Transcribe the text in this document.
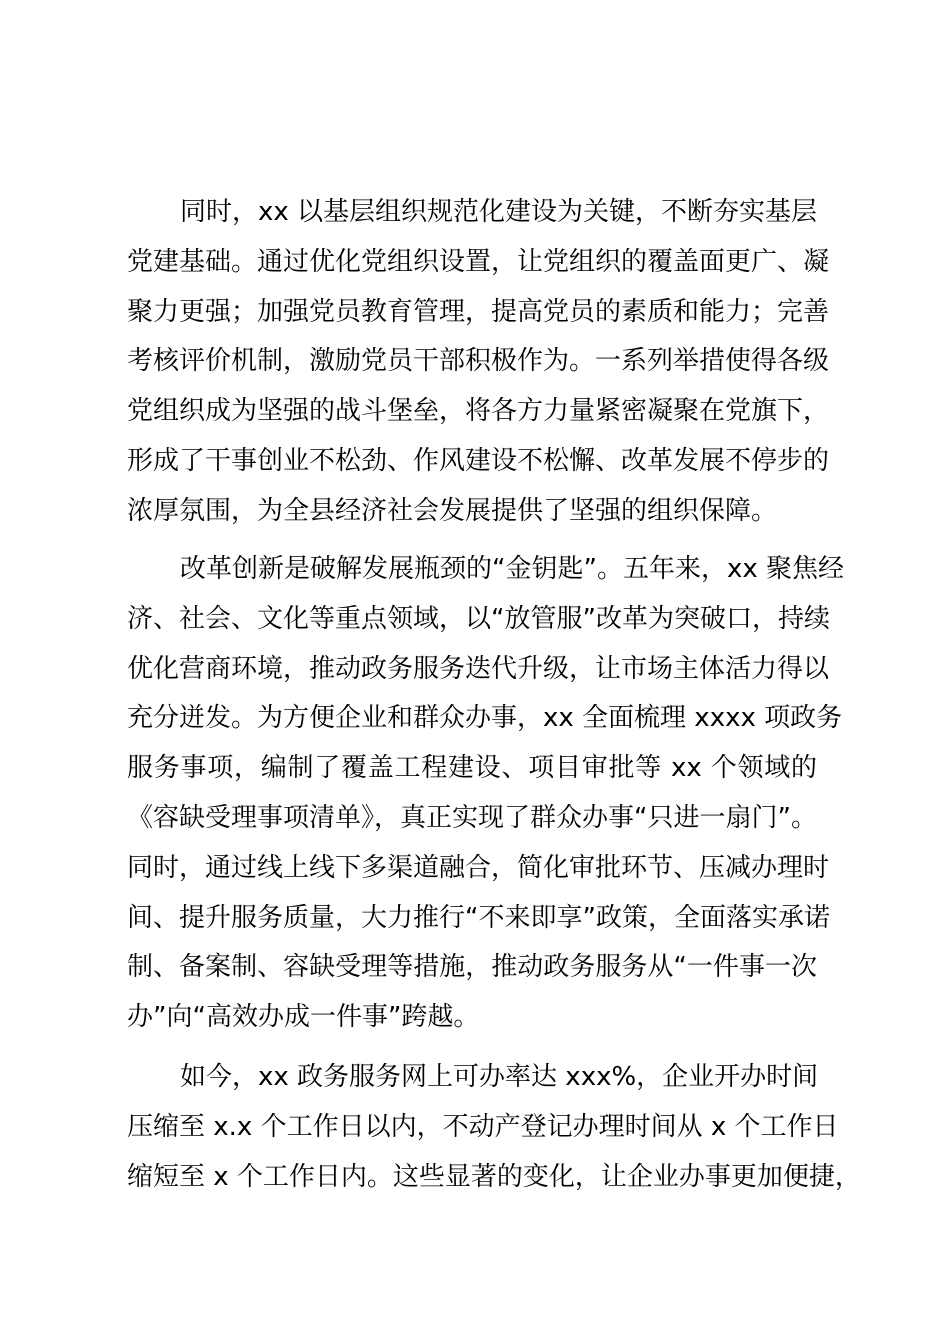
同时，xx 以基层组织规范化建设为关键，不断夯实基层
党建基础。通过优化党组织设置，让党组织的覆盖面更广、凝
聚力更强；加强党员教育管理，提高党员的素质和能力；完善
考核评价机制，激励党员干部积极作为。一系列举措使得各级
党组织成为坚强的战斗堡垒，将各方力量紧密凝聚在党旗下，
形成了干事创业不松劲、作风建设不松懈、改革发展不停步的
浓厚氛围，为全县经济社会发展提供了坚强的组织保障。
改革创新是破解发展瓶颈的“金钥匙”。五年来，xx 聚焦经
济、社会、文化等重点领域，以“放管服”改革为突破口，持续
优化营商环境，推动政务服务迭代升级，让市场主体活力得以
充分迸发。为方便企业和群众办事，xx 全面梳理 xxxx 项政务
服务事项，编制了覆盖工程建设、项目审批等 xx 个领域的
《容缺受理事项清单》，真正实现了群众办事“只进一扇门”。
同时，通过线上线下多渠道融合，简化审批环节、压减办理时
间、提升服务质量，大力推行“不来即享”政策，全面落实承诺
制、备案制、容缺受理等措施，推动政务服务从“一件事一次
办”向“高效办成一件事”跨越。
如今，xx 政务服务网上可办率达 xxx%，企业开办时间
压缩至 x.x 个工作日以内，不动产登记办理时间从 x 个工作日
缩短至 x 个工作日内。这些显著的变化，让企业办事更加便捷，
